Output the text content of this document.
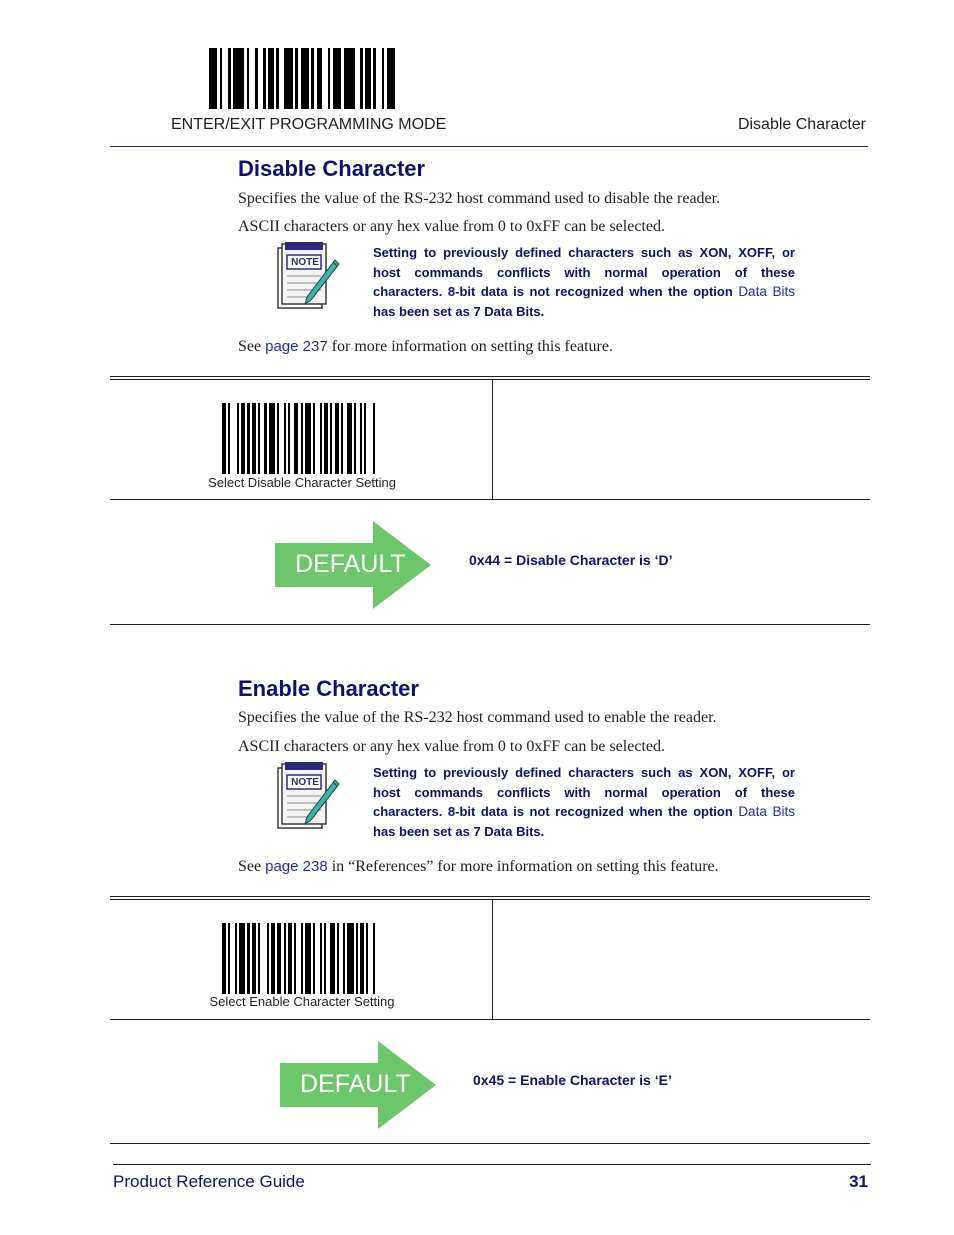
ENTER/EXIT PROGRAMMING MODE	Disable Character
Disable Character
Specifies the value of the RS-232 host command used to disable the reader.
ASCII characters or any hex value from 0 to 0xFF can be selected.
NOTE
Setting to previously defined characters such as XON, XOFF, or host commands conflicts with normal operation of these characters. 8-bit data is not recognized when the option Data Bits has been set as 7 Data Bits.
See page 237 for more information on setting this feature.
Select Disable Character Setting
DEFAULT	0x44 = Disable Character is ‘D’
Enable Character
Specifies the value of the RS-232 host command used to enable the reader.
ASCII characters or any hex value from 0 to 0xFF can be selected.
NOTE
Setting to previously defined characters such as XON, XOFF, or host commands conflicts with normal operation of these characters. 8-bit data is not recognized when the option Data Bits has been set as 7 Data Bits.
See page 238 in “References” for more information on setting this feature.
Select Enable Character Setting
DEFAULT	0x45 = Enable Character is ‘E’
Product Reference Guide	31
